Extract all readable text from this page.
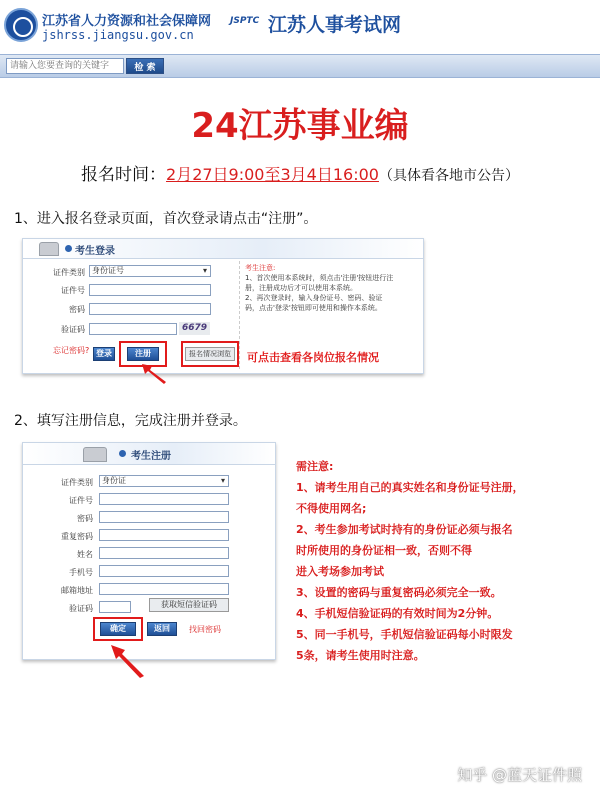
江苏省人力资源和社会保障网
jshrss.jiangsu.gov.cn
JSPTC 江苏人事考试网
请输入您要查询的关键字
检 索
24江苏事业编
报名时间：2月27日9:00至3月4日16:00（具体看各地市公告）
1、进入报名登录页面，首次登录请点击“注册”。
考生登录
证件类别 身份证号	▾
证件号
密码
验证码	6679
忘记密码? 登录	注册	报名情况浏览
考生注意:
1、首次使用本系统时，须点击'注册'按钮进行注
册，注册成功后才可以使用本系统。
2、再次登录时，输入身份证号、密码、验证
码，点击'登录'按钮即可使用和操作本系统。
可点击查看各岗位报名情况
2、填写注册信息，完成注册并登录。
考生注册
证件类别	身份证	▾
证件号
密码
重复密码
姓名
手机号
邮箱地址
验证码	获取短信验证码
确定	返回	找回密码
需注意:
1、请考生用自己的真实姓名和身份证号注册，
不得使用网名;
2、考生参加考试时持有的身份证必须与报名
时所使用的身份证相一致，否则不得
进入考场参加考试
3、设置的密码与重复密码必须完全一致。
4、手机短信验证码的有效时间为2分钟。
5、同一手机号，手机短信验证码每小时限发
5条，请考生使用时注意。
知乎 @蓝天证件照
